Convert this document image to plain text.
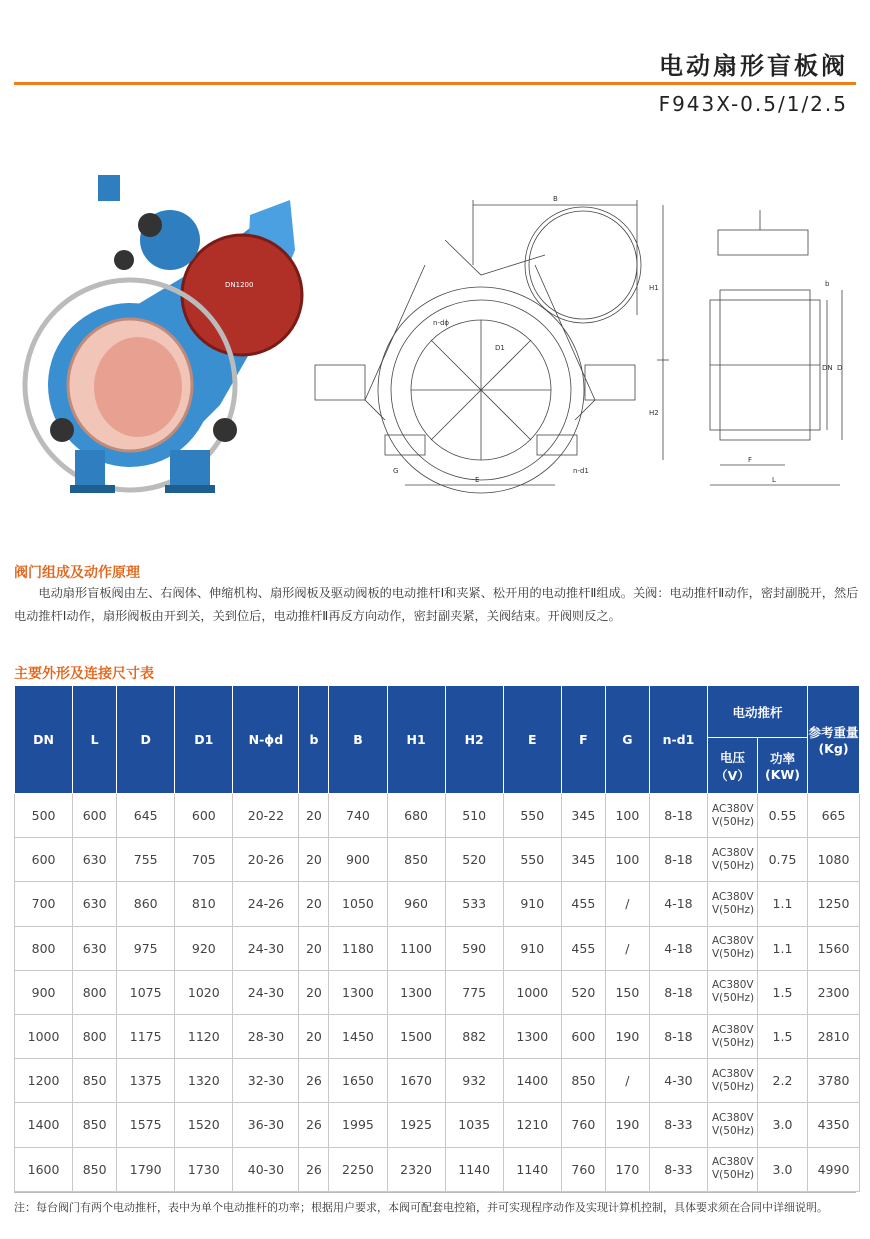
电动扇形盲板阀
F943X-0.5/1/2.5
DN1200
B
H1
H2
D1
n-dϕ
G
E
n-d1
b
DN D
F
L
阀门组成及动作原理
电动扇形盲板阀由左、右阀体、伸缩机构、扇形阀板及驱动阀板的电动推杆Ⅰ和夹紧、松开用的电动推杆Ⅱ组成。关阀：电动推杆Ⅱ动作，密封副脱开，然后电动推杆Ⅰ动作，扇形阀板由开到关，关到位后，电动推杆Ⅱ再反方向动作，密封副夹紧，关阀结束。开阀则反之。
主要外形及连接尺寸表
DN	L	D	D1	N-ϕd	b	B	H1	H2	E	F	G	n-d1	电动推杆		参考重量(Kg)
													电压（V）	功率(KW)	
500	600	645	600	20-22	20	740	680	510	550	345	100	8-18	AC380V
V(50Hz)	0.55	665
600	630	755	705	20-26	20	900	850	520	550	345	100	8-18	AC380V
V(50Hz)	0.75	1080
700	630	860	810	24-26	20	1050	960	533	910	455	/	4-18	AC380V
V(50Hz)	1.1	1250
800	630	975	920	24-30	20	1180	1100	590	910	455	/	4-18	AC380V
V(50Hz)	1.1	1560
900	800	1075	1020	24-30	20	1300	1300	775	1000	520	150	8-18	AC380V
V(50Hz)	1.5	2300
1000	800	1175	1120	28-30	20	1450	1500	882	1300	600	190	8-18	AC380V
V(50Hz)	1.5	2810
1200	850	1375	1320	32-30	26	1650	1670	932	1400	850	/	4-30	AC380V
V(50Hz)	2.2	3780
1400	850	1575	1520	36-30	26	1995	1925	1035	1210	760	190	8-33	AC380V
V(50Hz)	3.0	4350
1600	850	1790	1730	40-30	26	2250	2320	1140	1140	760	170	8-33	AC380V
V(50Hz)	3.0	4990
注：每台阀门有两个电动推杆，表中为单个电动推杆的功率；根据用户要求，本阀可配套电控箱，并可实现程序动作及实现计算机控制，具体要求须在合同中详细说明。
